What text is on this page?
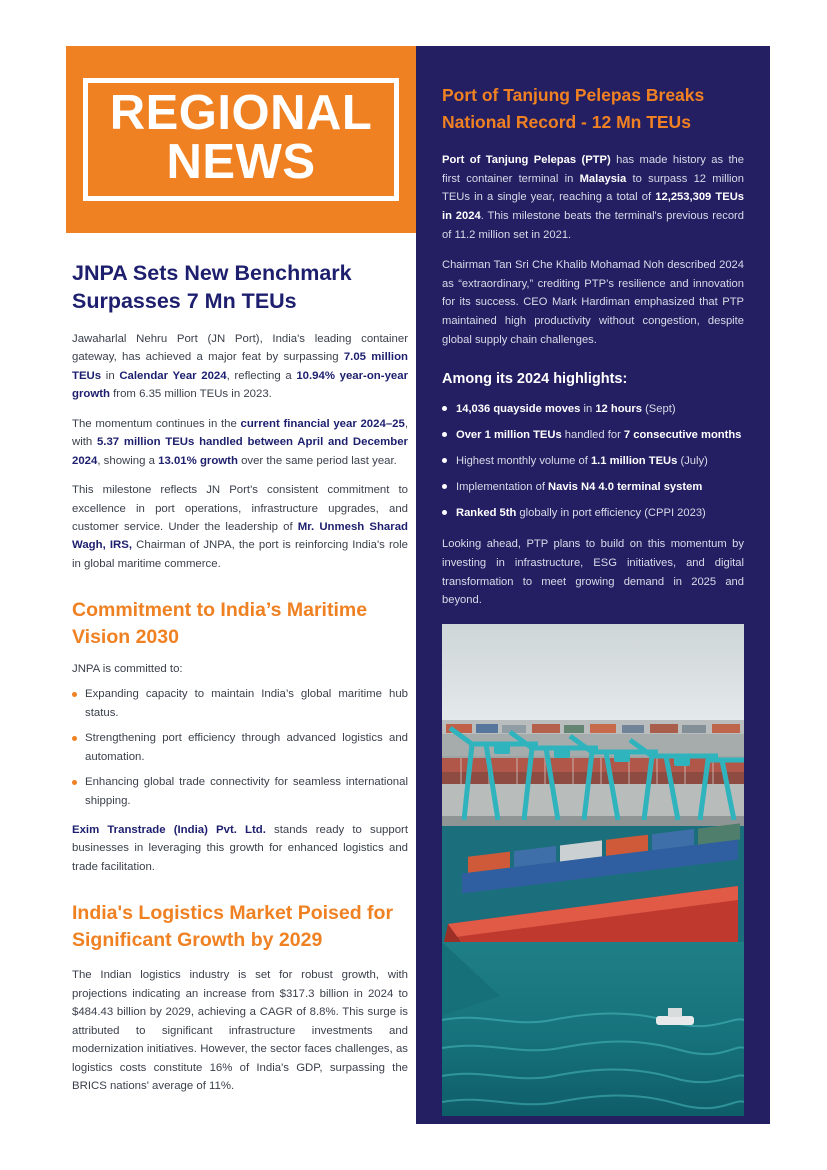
REGIONAL
NEWS
JNPA Sets New Benchmark Surpasses 7 Mn TEUs

Jawaharlal Nehru Port (JN Port), India's leading container gateway, has achieved a major feat by surpassing 7.05 million TEUs in Calendar Year 2024, reflecting a 10.94% year-on-year growth from 6.35 million TEUs in 2023.

The momentum continues in the current financial year 2024–25, with 5.37 million TEUs handled between April and December 2024, showing a 13.01% growth over the same period last year.

This milestone reflects JN Port's consistent commitment to excellence in port operations, infrastructure upgrades, and customer service. Under the leadership of Mr. Unmesh Sharad Wagh, IRS, Chairman of JNPA, the port is reinforcing India's role in global maritime commerce.

Commitment to India’s Maritime Vision 2030

JNPA is committed to:

Expanding capacity to maintain India’s global maritime hub status.
Strengthening port efficiency through advanced logistics and automation.
Enhancing global trade connectivity for seamless international shipping.

Exim Transtrade (India) Pvt. Ltd. stands ready to support businesses in leveraging this growth for enhanced logistics and trade facilitation.

India's Logistics Market Poised for Significant Growth by 2029

The Indian logistics industry is set for robust growth, with projections indicating an increase from $317.3 billion in 2024 to $484.43 billion by 2029, achieving a CAGR of 8.8%. This surge is attributed to significant infrastructure investments and modernization initiatives. However, the sector faces challenges, as logistics costs constitute 16% of India's GDP, surpassing the BRICS nations' average of 11%.

Port of Tanjung Pelepas Breaks National Record - 12 Mn TEUs

Port of Tanjung Pelepas (PTP) has made history as the first container terminal in Malaysia to surpass 12 million TEUs in a single year, reaching a total of 12,253,309 TEUs in 2024. This milestone beats the terminal's previous record of 11.2 million set in 2021.

Chairman Tan Sri Che Khalib Mohamad Noh described 2024 as “extraordinary,” crediting PTP’s resilience and innovation for its success. CEO Mark Hardiman emphasized that PTP maintained high productivity without congestion, despite global supply chain challenges.

Among its 2024 highlights:
14,036 quayside moves in 12 hours (Sept)
Over 1 million TEUs handled for 7 consecutive months
Highest monthly volume of 1.1 million TEUs (July)
Implementation of Navis N4 4.0 terminal system
Ranked 5th globally in port efficiency (CPPI 2023)

Looking ahead, PTP plans to build on this momentum by investing in infrastructure, ESG initiatives, and digital transformation to meet growing demand in 2025 and beyond.
